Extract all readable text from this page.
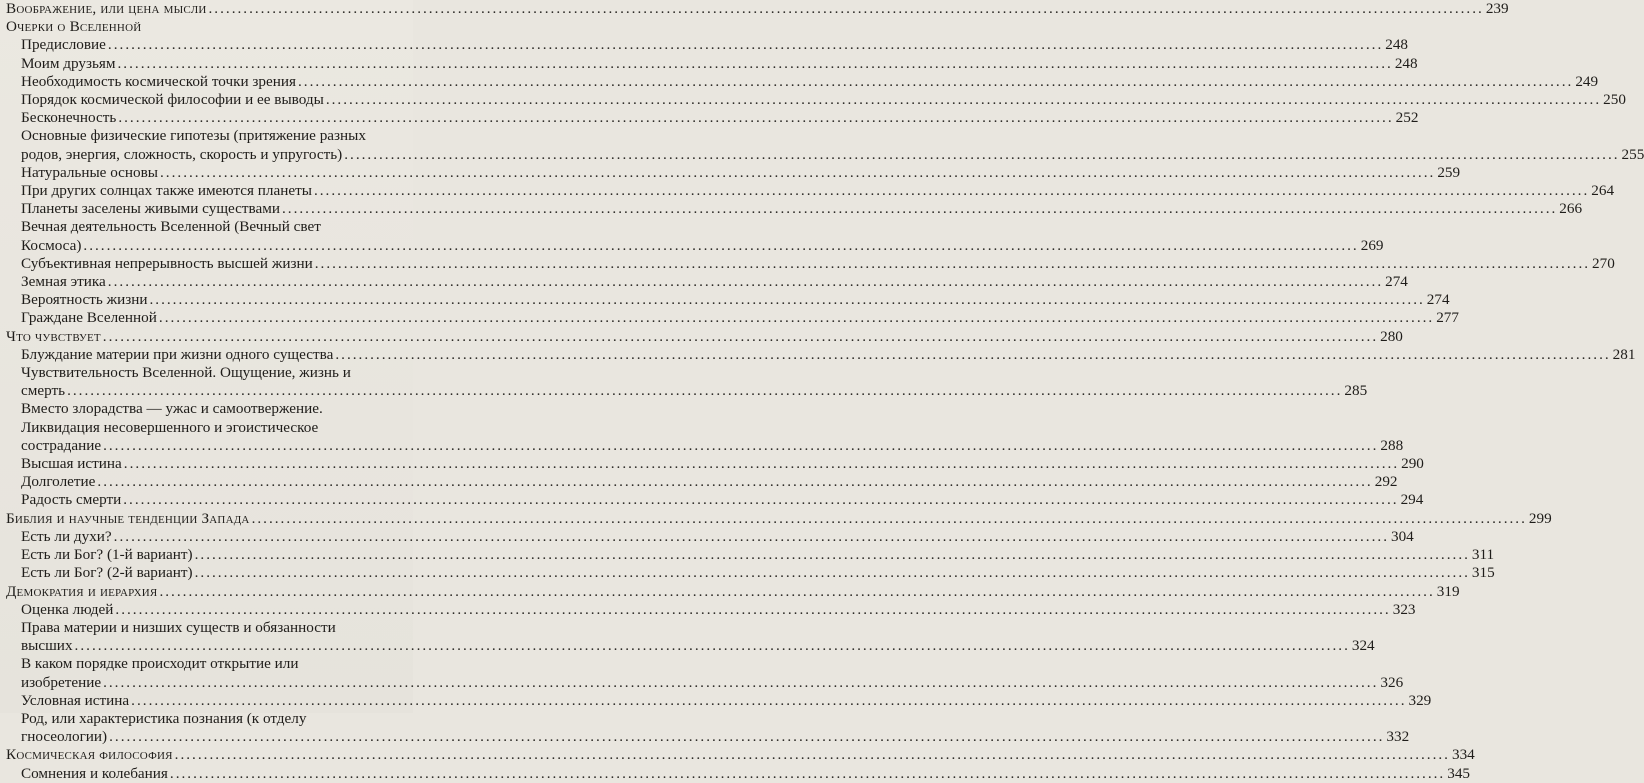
Воображение, или цена мысли ............................................................................................................................................................................................................................ 239
Очерки о Вселенной
Предисловие ............................................................................................................................................................................................................................ 248
Моим друзьям ............................................................................................................................................................................................................................ 248
Необходимость космической точки зрения ............................................................................................................................................................................................................................ 249
Порядок космической философии и ее выводы ............................................................................................................................................................................................................................ 250
Бесконечность ............................................................................................................................................................................................................................ 252
Основные физические гипотезы (притяжение разных
родов, энергия, сложность, скорость и упругость) ............................................................................................................................................................................................................................ 255
Натуральные основы ............................................................................................................................................................................................................................ 259
При других солнцах также имеются планеты ............................................................................................................................................................................................................................ 264
Планеты заселены живыми существами ............................................................................................................................................................................................................................ 266
Вечная деятельность Вселенной (Вечный свет
Космоса) ............................................................................................................................................................................................................................ 269
Субъективная непрерывность высшей жизни ............................................................................................................................................................................................................................ 270
Земная этика ............................................................................................................................................................................................................................ 274
Вероятность жизни ............................................................................................................................................................................................................................ 274
Граждане Вселенной ............................................................................................................................................................................................................................ 277
Что чувствует ............................................................................................................................................................................................................................ 280
Блуждание материи при жизни одного существа ............................................................................................................................................................................................................................ 281
Чувствительность Вселенной. Ощущение, жизнь и
смерть ............................................................................................................................................................................................................................ 285
Вместо злорадства — ужас и самоотвержение.
Ликвидация несовершенного и эгоистическое
сострадание ............................................................................................................................................................................................................................ 288
Высшая истина ............................................................................................................................................................................................................................ 290
Долголетие ............................................................................................................................................................................................................................ 292
Радость смерти ............................................................................................................................................................................................................................ 294
Библия и научные тенденции Запада ............................................................................................................................................................................................................................ 299
Есть ли духи? ............................................................................................................................................................................................................................ 304
Есть ли Бог? (1-й вариант) ............................................................................................................................................................................................................................ 311
Есть ли Бог? (2-й вариант) ............................................................................................................................................................................................................................ 315
Демократия и иерархия ............................................................................................................................................................................................................................ 319
Оценка людей ............................................................................................................................................................................................................................ 323
Права материи и низших существ и обязанности
высших ............................................................................................................................................................................................................................ 324
В каком порядке происходит открытие или
изобретение ............................................................................................................................................................................................................................ 326
Условная истина ............................................................................................................................................................................................................................ 329
Род, или характеристика познания (к отделу
гносеологии) ............................................................................................................................................................................................................................ 332
Космическая философия ............................................................................................................................................................................................................................ 334
Сомнения и колебания ............................................................................................................................................................................................................................ 345
